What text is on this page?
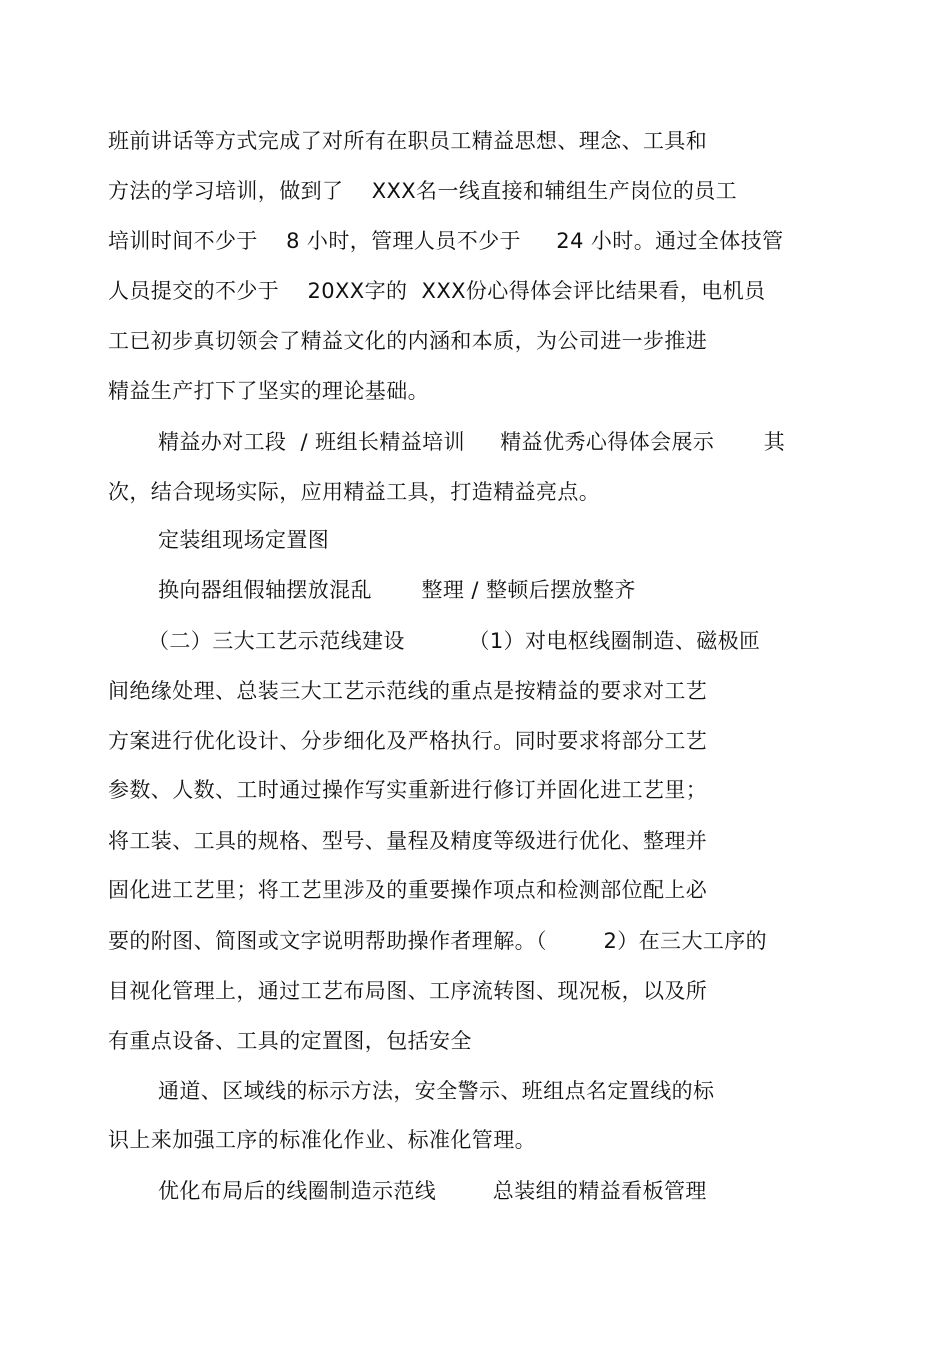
班前讲话等方式完成了对所有在职员工精益思想、理念、工具和
方法的学习培训，做到了    XXX名一线直接和辅组生产岗位的员工
培训时间不少于    8 小时，管理人员不少于     24 小时。通过全体技管
人员提交的不少于    20XX字的  XXX份心得体会评比结果看，电机员
工已初步真切领会了精益文化的内涵和本质，为公司进一步推进
精益生产打下了坚实的理论基础。
精益办对工段  / 班组长精益培训     精益优秀心得体会展示       其
次，结合现场实际，应用精益工具，打造精益亮点。
定装组现场定置图
换向器组假轴摆放混乱       整理 / 整顿后摆放整齐
（二）三大工艺示范线建设         （1）对电枢线圈制造、磁极匝
间绝缘处理、总装三大工艺示范线的重点是按精益的要求对工艺
方案进行优化设计、分步细化及严格执行。同时要求将部分工艺
参数、人数、工时通过操作写实重新进行修订并固化进工艺里；
将工装、工具的规格、型号、量程及精度等级进行优化、整理并
固化进工艺里；将工艺里涉及的重要操作项点和检测部位配上必
要的附图、简图或文字说明帮助操作者理解。（        2）在三大工序的
目视化管理上，通过工艺布局图、工序流转图、现况板，以及所
有重点设备、工具的定置图，包括安全
通道、区域线的标示方法，安全警示、班组点名定置线的标
识上来加强工序的标准化作业、标准化管理。
优化布局后的线圈制造示范线        总装组的精益看板管理
